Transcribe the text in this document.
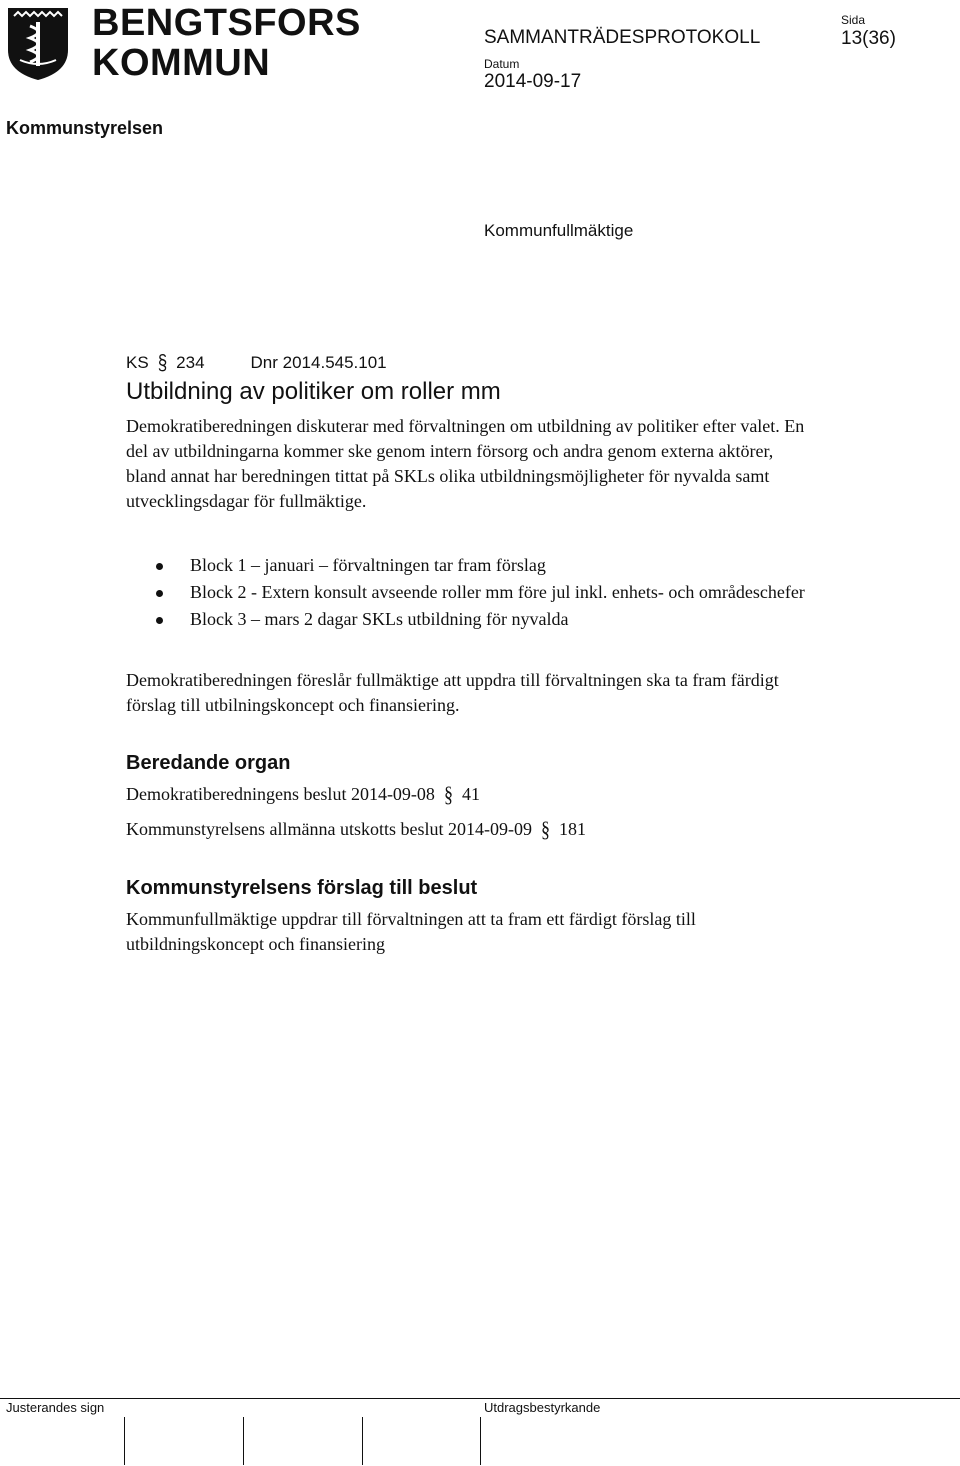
BENGTSFORS
KOMMUN
SAMMANTRÄDESPROTOKOLL
Sida
13(36)
Datum
2014-09-17
Kommunstyrelsen
Kommunfullmäktige
KS § 234	Dnr 2014.545.101
Utbildning av politiker om roller mm

Demokratiberedningen diskuterar med förvaltningen om utbildning av politiker efter valet. En del av utbildningarna kommer ske genom intern försorg och andra genom externa aktörer, bland annat har beredningen tittat på SKLs olika utbildningsmöjligheter för nyvalda samt utvecklingsdagar för fullmäktige.

Block 1 – januari – förvaltningen tar fram förslag
Block 2 - Extern konsult avseende roller mm före jul inkl. enhets- och områdeschefer
Block 3 – mars 2 dagar SKLs utbildning för nyvalda

Demokratiberedningen föreslår fullmäktige att uppdra till förvaltningen ska ta fram färdigt förslag till utbilningskoncept och finansiering.

Beredande organ
Demokratiberedningens beslut 2014-09-08 § 41
Kommunstyrelsens allmänna utskotts beslut 2014-09-09 § 181
Kommunstyrelsens förslag till beslut

Kommunfullmäktige uppdrar till förvaltningen att ta fram ett färdigt förslag till utbildningskoncept och finansiering

Justerandes sign	Utdragsbestyrkande
